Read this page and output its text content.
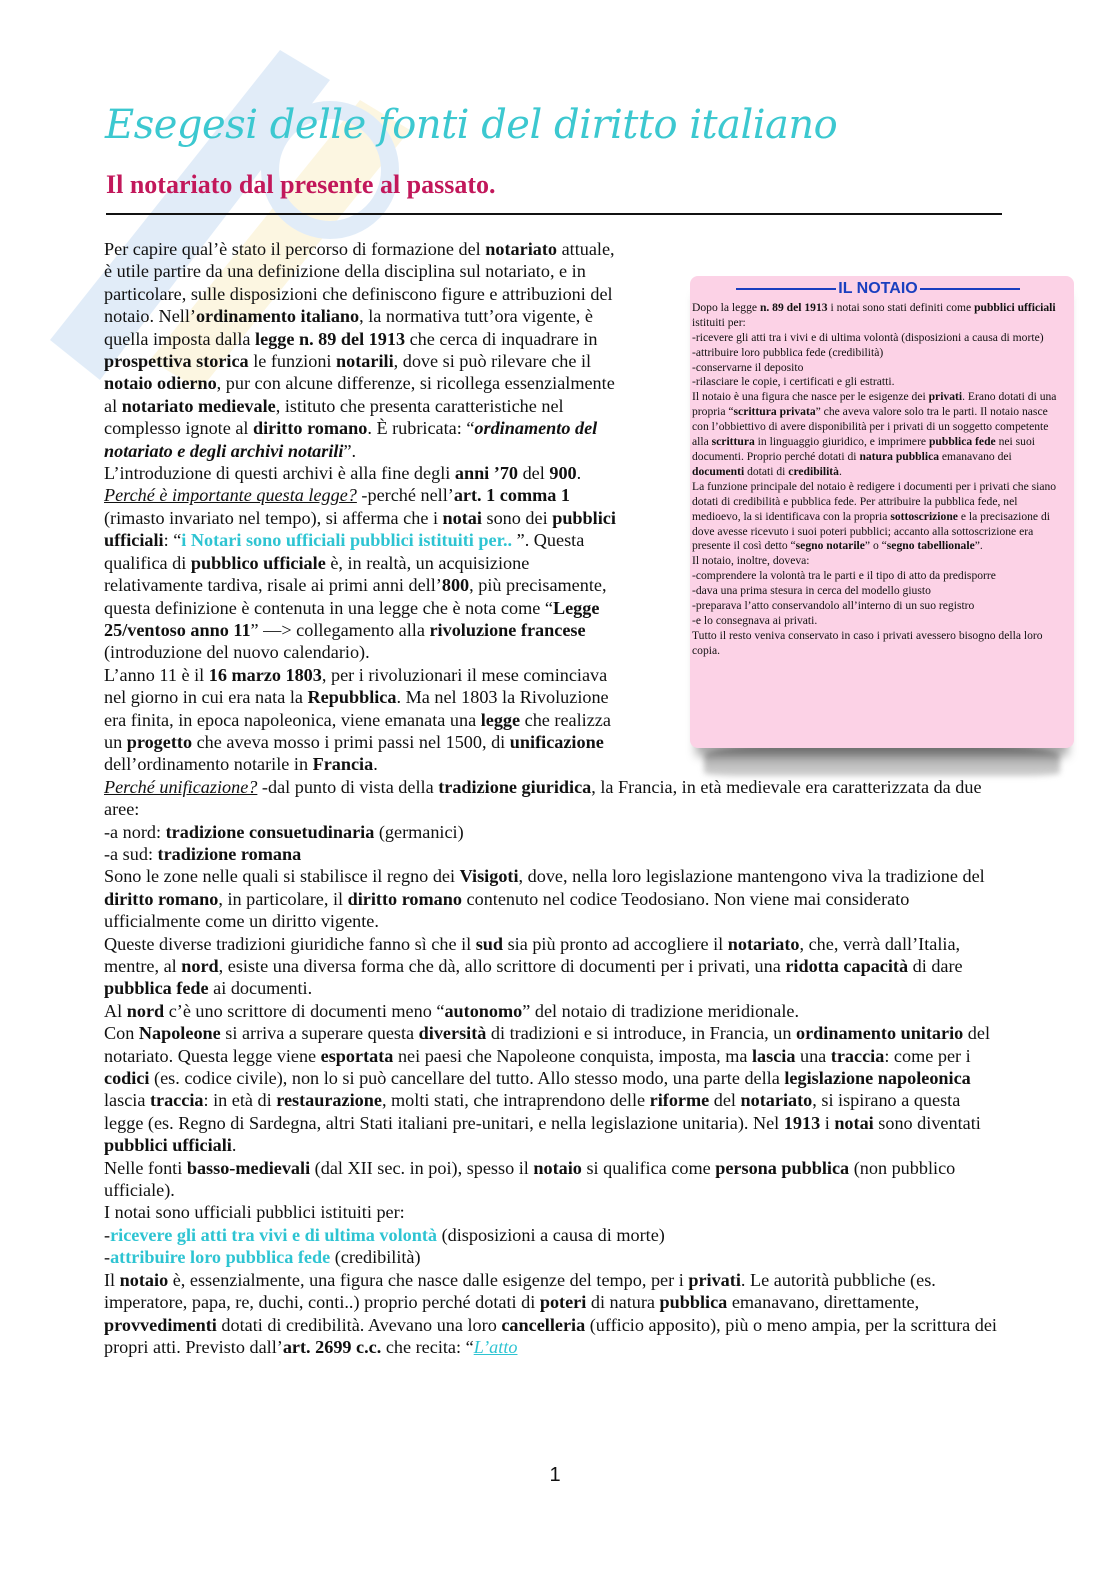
Esegesi delle fonti del diritto italiano
Il notariato dal presente al passato.
IL NOTAIO

Dopo la legge n. 89 del 1913 i notai sono stati definiti come pubblici ufficiali istituiti per:

-ricevere gli atti tra i vivi e di ultima volontà (disposizioni a causa di morte)

-attribuire loro pubblica fede (credibilità)

-conservarne il deposito

-rilasciare le copie, i certificati e gli estratti.

Il notaio è una figura che nasce per le esigenze dei privati. Erano dotati di una propria “scrittura privata” che aveva valore solo tra le parti. Il notaio nasce con l’obbiettivo di avere disponibilità per i privati di un soggetto competente alla scrittura in linguaggio giuridico, e imprimere pubblica fede nei suoi documenti. Proprio perché dotati di natura pubblica emanavano dei documenti dotati di credibilità.

La funzione principale del notaio è redigere i documenti per i privati che siano dotati di credibilità e pubblica fede. Per attribuire la pubblica fede, nel medioevo, la si identificava con la propria sottoscrizione e la precisazione di dove avesse ricevuto i suoi poteri pubblici; accanto alla sottoscrizione era presente il così detto “segno notarile” o “segno tabellionale”.

Il notaio, inoltre, doveva:

-comprendere la volontà tra le parti e il tipo di atto da predisporre

-dava una prima stesura in cerca del modello giusto

-preparava l’atto conservandolo all’interno di un suo registro

-e lo consegnava ai privati.

Tutto il resto veniva conservato in caso i privati avessero bisogno della loro copia.

Per capire qual’è stato il percorso di formazione del notariato attuale, è utile partire da una definizione della disciplina sul notariato, e in particolare, sulle disposizioni che definiscono figure e attribuzioni del notaio. Nell’ordinamento italiano, la normativa tutt’ora vigente, è quella imposta dalla legge n. 89 del 1913 che cerca di inquadrare in prospettiva storica le funzioni notarili, dove si può rilevare che il notaio odierno, pur con alcune differenze, si ricollega essenzialmente al notariato medievale, istituto che presenta caratteristiche nel complesso ignote al diritto romano. È rubricata: “ordinamento del notariato e degli archivi notarili”.

L’introduzione di questi archivi è alla fine degli anni ’70 del 900.

Perché è importante questa legge? -perché nell’art. 1 comma 1 (rimasto invariato nel tempo), si afferma che i notai sono dei pubblici ufficiali: “i Notari sono ufficiali pubblici istituiti per.. ”. Questa qualifica di pubblico ufficiale è, in realtà, un acquisizione relativamente tardiva, risale ai primi anni dell’800, più precisamente, questa definizione è contenuta in una legge che è nota come “Legge 25/ventoso anno 11” —> collegamento alla rivoluzione francese (introduzione del nuovo calendario).

L’anno 11 è il 16 marzo 1803, per i rivoluzionari il mese cominciava nel giorno in cui era nata la Repubblica. Ma nel 1803 la Rivoluzione era finita, in epoca napoleonica, viene emanata una legge che realizza un progetto che aveva mosso i primi passi nel 1500, di unificazione dell’ordinamento notarile in Francia.

Perché unificazione? -dal punto di vista della tradizione giuridica, la Francia, in età medievale era caratterizzata da due aree:

-a nord: tradizione consuetudinaria (germanici)

-a sud: tradizione romana

Sono le zone nelle quali si stabilisce il regno dei Visigoti, dove, nella loro legislazione mantengono viva la tradizione del diritto romano, in particolare, il diritto romano contenuto nel codice Teodosiano. Non viene mai considerato ufficialmente come un diritto vigente.

Queste diverse tradizioni giuridiche fanno sì che il sud sia più pronto ad accogliere il notariato, che, verrà dall’Italia, mentre, al nord, esiste una diversa forma che dà, allo scrittore di documenti per i privati, una ridotta capacità di dare pubblica fede ai documenti.

Al nord c’è uno scrittore di documenti meno “autonomo” del notaio di tradizione meridionale.

Con Napoleone si arriva a superare questa diversità di tradizioni e si introduce, in Francia, un ordinamento unitario del notariato. Questa legge viene esportata nei paesi che Napoleone conquista, imposta, ma lascia una traccia: come per i codici (es. codice civile), non lo si può cancellare del tutto. Allo stesso modo, una parte della legislazione napoleonica lascia traccia: in età di restaurazione, molti stati, che intraprendono delle riforme del notariato, si ispirano a questa legge (es. Regno di Sardegna, altri Stati italiani pre-unitari, e nella legislazione unitaria). Nel 1913 i notai sono diventati pubblici ufficiali.

Nelle fonti basso-medievali (dal XII sec. in poi), spesso il notaio si qualifica come persona pubblica (non pubblico ufficiale).

I notai sono ufficiali pubblici istituiti per:

-ricevere gli atti tra vivi e di ultima volontà (disposizioni a causa di morte)

-attribuire loro pubblica fede (credibilità)

Il notaio è, essenzialmente, una figura che nasce dalle esigenze del tempo, per i privati. Le autorità pubbliche (es. imperatore, papa, re, duchi, conti..) proprio perché dotati di poteri di natura pubblica emanavano, direttamente, provvedimenti dotati di credibilità. Avevano una loro cancelleria (ufficio apposito), più o meno ampia, per la scrittura dei propri atti. Previsto dall’art. 2699 c.c. che recita: “L’atto

1
